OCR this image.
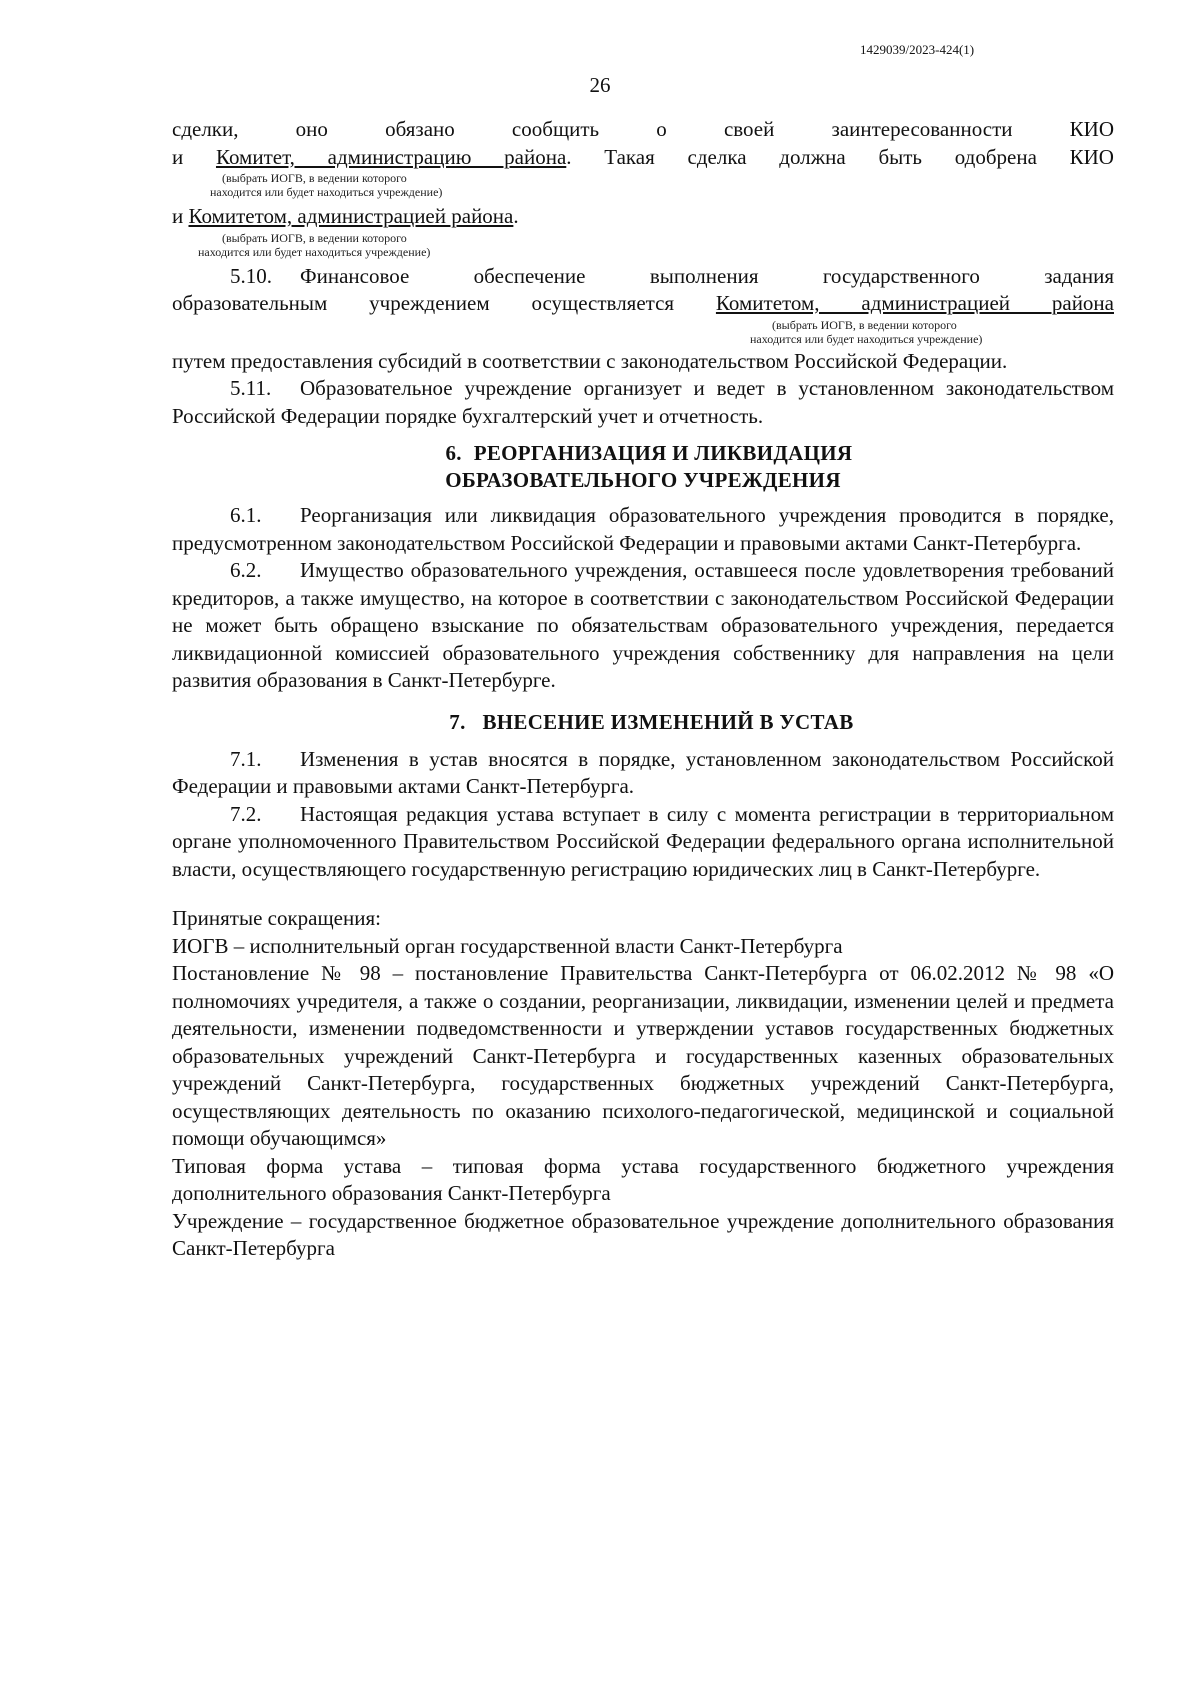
1429039/2023-424(1)
26

сделки, оно обязано сообщить о своей заинтересованности КИО

и Комитет, администрацию района. Такая сделка должна быть одобрена КИО

(выбрать ИОГВ, в ведении которого
находится или будет находиться учреждение)

и Комитетом, администрацией района.

(выбрать ИОГВ, в ведении которого
находится или будет находиться учреждение)

5.10. Финансовое обеспечение выполнения государственного задания

образовательным учреждением осуществляется Комитетом, администрацией района

(выбрать ИОГВ, в ведении которого
находится или будет находиться учреждение)

путем предоставления субсидий в соответствии с законодательством Российской Федерации.

5.11. Образовательное учреждение организует и ведет в установленном законодательством Российской Федерации порядке бухгалтерский учет и отчетность.

6. РЕОРГАНИЗАЦИЯ И ЛИКВИДАЦИЯ
ОБРАЗОВАТЕЛЬНОГО УЧРЕЖДЕНИЯ

6.1. Реорганизация или ликвидация образовательного учреждения проводится в порядке, предусмотренном законодательством Российской Федерации и правовыми актами Санкт-Петербурга.

6.2. Имущество образовательного учреждения, оставшееся после удовлетворения требований кредиторов, а также имущество, на которое в соответствии с законодательством Российской Федерации не может быть обращено взыскание по обязательствам образовательного учреждения, передается ликвидационной комиссией образовательного учреждения собственнику для направления на цели развития образования в Санкт-Петербурге.

7. ВНЕСЕНИЕ ИЗМЕНЕНИЙ В УСТАВ

7.1. Изменения в устав вносятся в порядке, установленном законодательством Российской Федерации и правовыми актами Санкт-Петербурга.

7.2. Настоящая редакция устава вступает в силу с момента регистрации в территориальном органе уполномоченного Правительством Российской Федерации федерального органа исполнительной власти, осуществляющего государственную регистрацию юридических лиц в Санкт-Петербурге.

Принятые сокращения:

ИОГВ – исполнительный орган государственной власти Санкт-Петербурга

Постановление № 98 – постановление Правительства Санкт-Петербурга от 06.02.2012 № 98 «О полномочиях учредителя, а также о создании, реорганизации, ликвидации, изменении целей и предмета деятельности, изменении подведомственности и утверждении уставов государственных бюджетных образовательных учреждений Санкт-Петербурга и государственных казенных образовательных учреждений Санкт-Петербурга, государственных бюджетных учреждений Санкт-Петербурга, осуществляющих деятельность по оказанию психолого-педагогической, медицинской и социальной помощи обучающимся»

Типовая форма устава – типовая форма устава государственного бюджетного учреждения дополнительного образования Санкт-Петербурга

Учреждение – государственное бюджетное образовательное учреждение дополнительного образования Санкт-Петербурга
